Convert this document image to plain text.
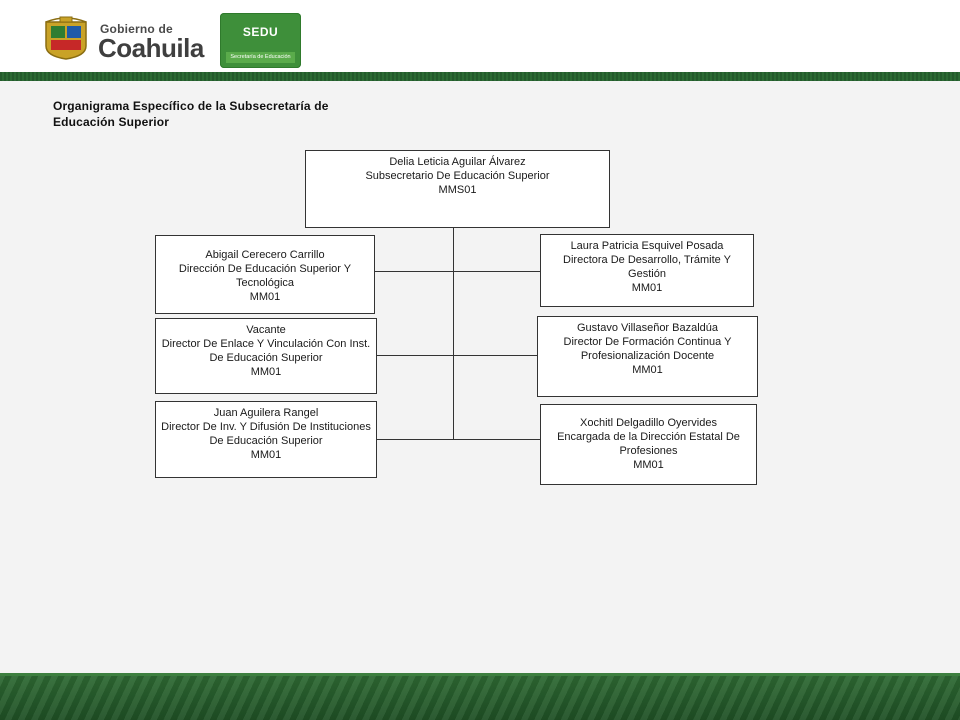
Gobierno de
Coahuila
SEDU
Secretaría de Educación
Organigrama Específico de la Subsecretaría de Educación Superior
Delia Leticia Aguilar Álvarez
Subsecretario De Educación Superior
MMS01
Abigail Cerecero Carrillo
Dirección De Educación Superior Y Tecnológica
MM01
Vacante
Director De Enlace Y Vinculación Con Inst. De Educación Superior
MM01
Juan Aguilera Rangel
Director De Inv. Y Difusión De Instituciones De Educación Superior
MM01
Laura Patricia Esquivel Posada
Directora De Desarrollo, Trámite Y Gestión
MM01
Gustavo Villaseñor Bazaldúa
Director De Formación Continua Y Profesionalización Docente
MM01
Xochitl Delgadillo Oyervides
Encargada de la Dirección Estatal De Profesiones
MM01
